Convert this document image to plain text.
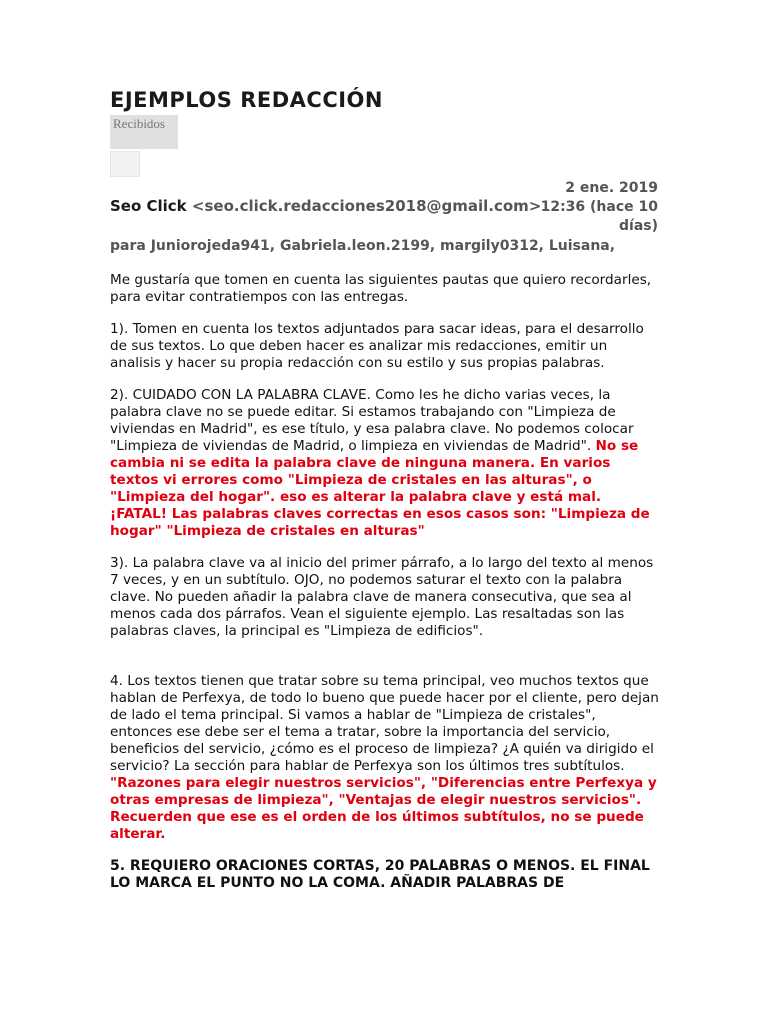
EJEMPLOS REDACCIÓN
Recibidos
2 ene. 2019 12:36 (hace 10 días)
Seo Click <seo.click.redacciones2018@gmail.com>
para Juniorojeda941, Gabriela.leon.2199, margily0312, Luisana,

Me gustaría que tomen en cuenta las siguientes pautas que quiero recordarles, para evitar contratiempos con las entregas.

1). Tomen en cuenta los textos adjuntados para sacar ideas, para el desarrollo de sus textos. Lo que deben hacer es analizar mis redacciones, emitir un analisis y hacer su propia redacción con su estilo y sus propias palabras.

2). CUIDADO CON LA PALABRA CLAVE. Como les he dicho varias veces, la palabra clave no se puede editar. Si estamos trabajando con "Limpieza de viviendas en Madrid", es ese título, y esa palabra clave. No podemos colocar "Limpieza de viviendas de Madrid, o limpieza en viviendas de Madrid". No se cambia ni se edita la palabra clave de ninguna manera. En varios textos vi errores como "Limpieza de cristales en las alturas", o "Limpieza del hogar". eso es alterar la palabra clave y está mal. ¡FATAL! Las palabras claves correctas en esos casos son: "Limpieza de hogar" "Limpieza de cristales en alturas"

3). La palabra clave va al inicio del primer párrafo, a lo largo del texto al menos 7 veces, y en un subtítulo. OJO, no podemos saturar el texto con la palabra clave. No pueden añadir la palabra clave de manera consecutiva, que sea al menos cada dos párrafos. Vean el siguiente ejemplo. Las resaltadas son las palabras claves, la principal es "Limpieza de edificios".

4. Los textos tienen que tratar sobre su tema principal, veo muchos textos que hablan de Perfexya, de todo lo bueno que puede hacer por el cliente, pero dejan de lado el tema principal. Si vamos a hablar de "Limpieza de cristales", entonces ese debe ser el tema a tratar, sobre la importancia del servicio, beneficios del servicio, ¿cómo es el proceso de limpieza? ¿A quién va dirigido el servicio? La sección para hablar de Perfexya son los últimos tres subtítulos. "Razones para elegir nuestros servicios", "Diferencias entre Perfexya y otras empresas de limpieza", "Ventajas de elegir nuestros servicios". Recuerden que ese es el orden de los últimos subtítulos, no se puede alterar.

5. REQUIERO ORACIONES CORTAS, 20 PALABRAS O MENOS. EL FINAL LO MARCA EL PUNTO NO LA COMA. AÑADIR PALABRAS DE
